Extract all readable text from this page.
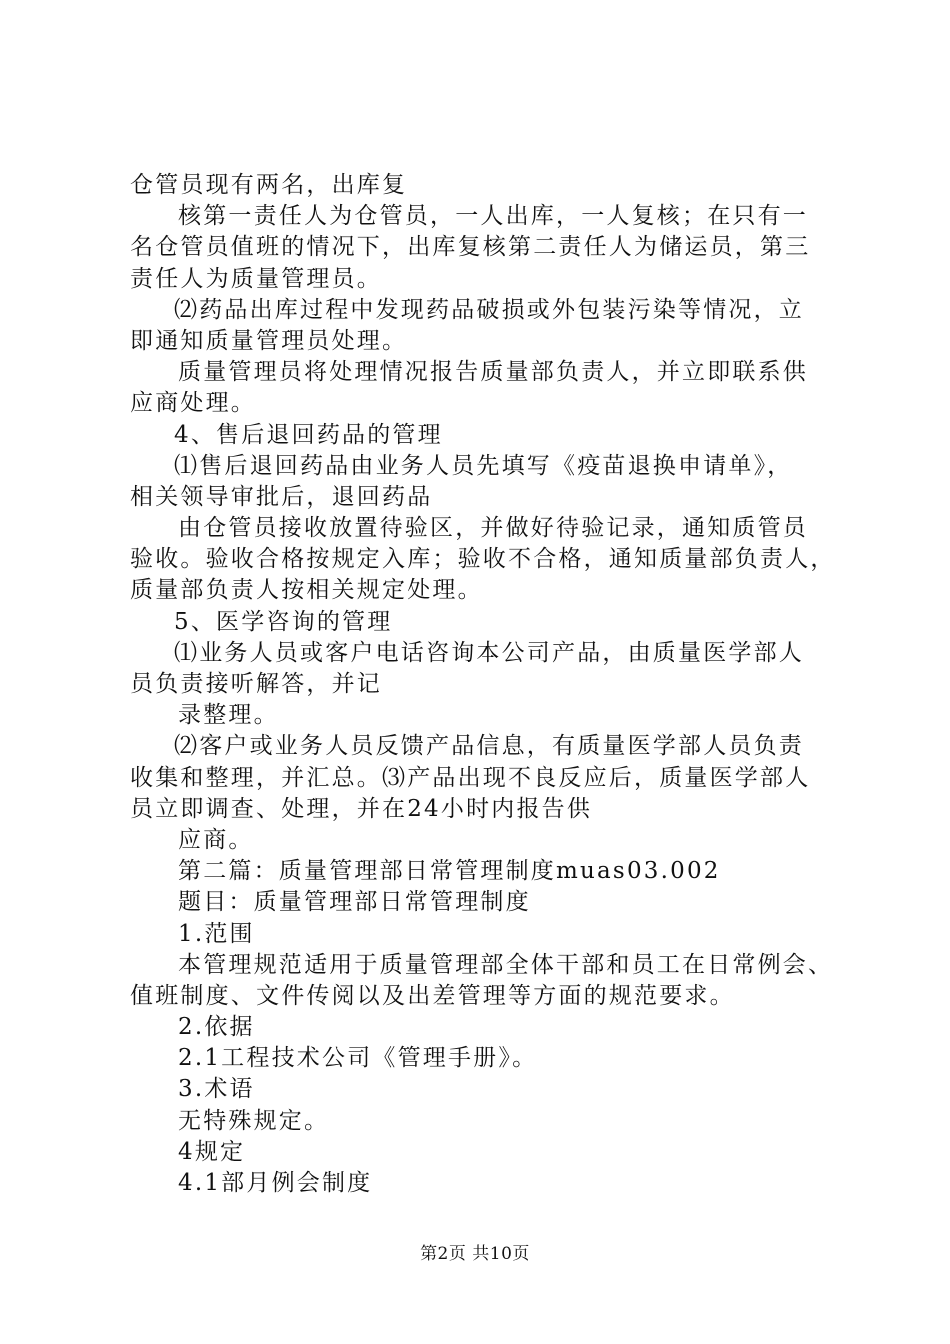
仓管员现有两名，出库复
核第一责任人为仓管员，一人出库，一人复核；在只有一
名仓管员值班的情况下，出库复核第二责任人为储运员，第三
责任人为质量管理员。
⑵药品出库过程中发现药品破损或外包装污染等情况，立
即通知质量管理员处理。
质量管理员将处理情况报告质量部负责人，并立即联系供
应商处理。
4、售后退回药品的管理
⑴售后退回药品由业务人员先填写《疫苗退换申请单》，
相关领导审批后，退回药品
由仓管员接收放置待验区，并做好待验记录，通知质管员
验收。验收合格按规定入库；验收不合格，通知质量部负责人，
质量部负责人按相关规定处理。
5、医学咨询的管理
⑴业务人员或客户电话咨询本公司产品，由质量医学部人
员负责接听解答，并记
录整理。
⑵客户或业务人员反馈产品信息，有质量医学部人员负责
收集和整理，并汇总。⑶产品出现不良反应后，质量医学部人
员立即调查、处理，并在24小时内报告供
应商。
第二篇：质量管理部日常管理制度muas03.002
题目：质量管理部日常管理制度
1.范围
本管理规范适用于质量管理部全体干部和员工在日常例会、
值班制度、文件传阅以及出差管理等方面的规范要求。
2.依据
2.1工程技术公司《管理手册》。
3.术语
无特殊规定。
4规定
4.1部月例会制度
第2页 共10页
